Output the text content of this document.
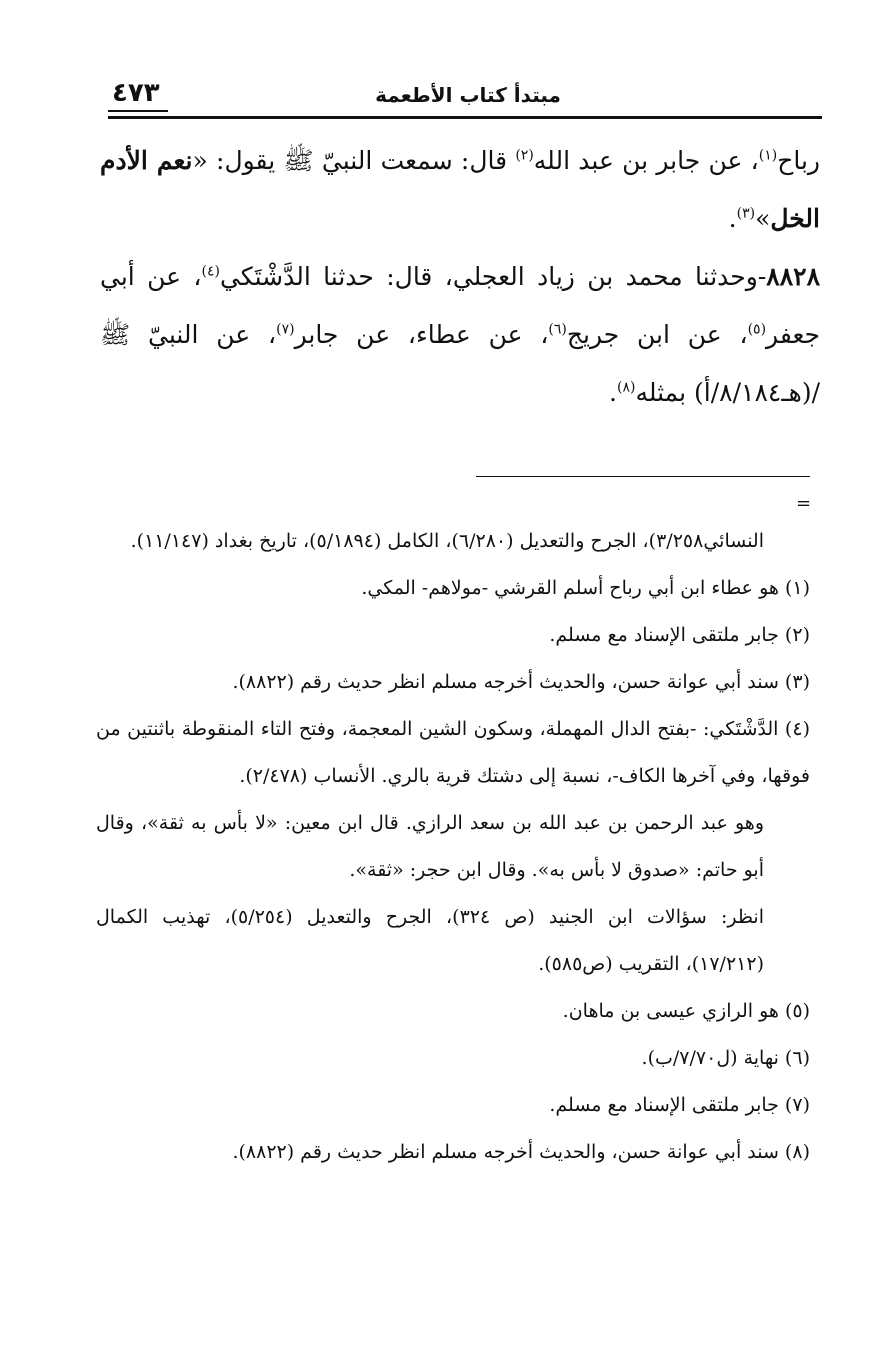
٤٧٣	مبتدأ كتاب الأطعمة

رباح$^{(١)}$، عن جابر بن عبد الله$^{(٢)}$ قال: سمعت النبيّ ﷺ يقول: «نعم الأدم الخل»$^{(٣)}$.

٨٨٢٨-وحدثنا محمد بن زياد العجلي، قال: حدثنا الدَّشْتَكي$^{(٤)}$، عن أبي جعفر$^{(٥)}$، عن ابن جريج$^{(٦)}$، عن عطاء، عن جابر$^{(٧)}$، عن النبيّ ﷺ /(هـ٨/١٨٤/أ) بمثله$^{(٨)}$.

=

النسائي٣/٢٥٨)، الجرح والتعديل (٦/٢٨٠)، الكامل (٥/١٨٩٤)، تاريخ بغداد (١١/١٤٧).

(١) هو عطاء ابن أبي رباح أسلم القرشي -مولاهم- المكي.

(٢) جابر ملتقى الإسناد مع مسلم.

(٣) سند أبي عوانة حسن، والحديث أخرجه مسلم انظر حديث رقم (٨٨٢٢).

(٤) الدَّشْتَكي: -بفتح الدال المهملة، وسكون الشين المعجمة، وفتح التاء المنقوطة باثنتين من فوقها، وفي آخرها الكاف-، نسبة إلى دشتك قرية بالري. الأنساب (٢/٤٧٨).

وهو عبد الرحمن بن عبد الله بن سعد الرازي. قال ابن معين: «لا بأس به ثقة»، وقال أبو حاتم: «صدوق لا بأس به». وقال ابن حجر: «ثقة».

انظر: سؤالات ابن الجنيد (ص ٣٢٤)، الجرح والتعديل (٥/٢٥٤)، تهذيب الكمال (١٧/٢١٢)، التقريب (ص٥٨٥).

(٥) هو الرازي عيسى بن ماهان.

(٦) نهاية (ل٧/٧٠/ب).

(٧) جابر ملتقى الإسناد مع مسلم.

(٨) سند أبي عوانة حسن، والحديث أخرجه مسلم انظر حديث رقم (٨٨٢٢).
